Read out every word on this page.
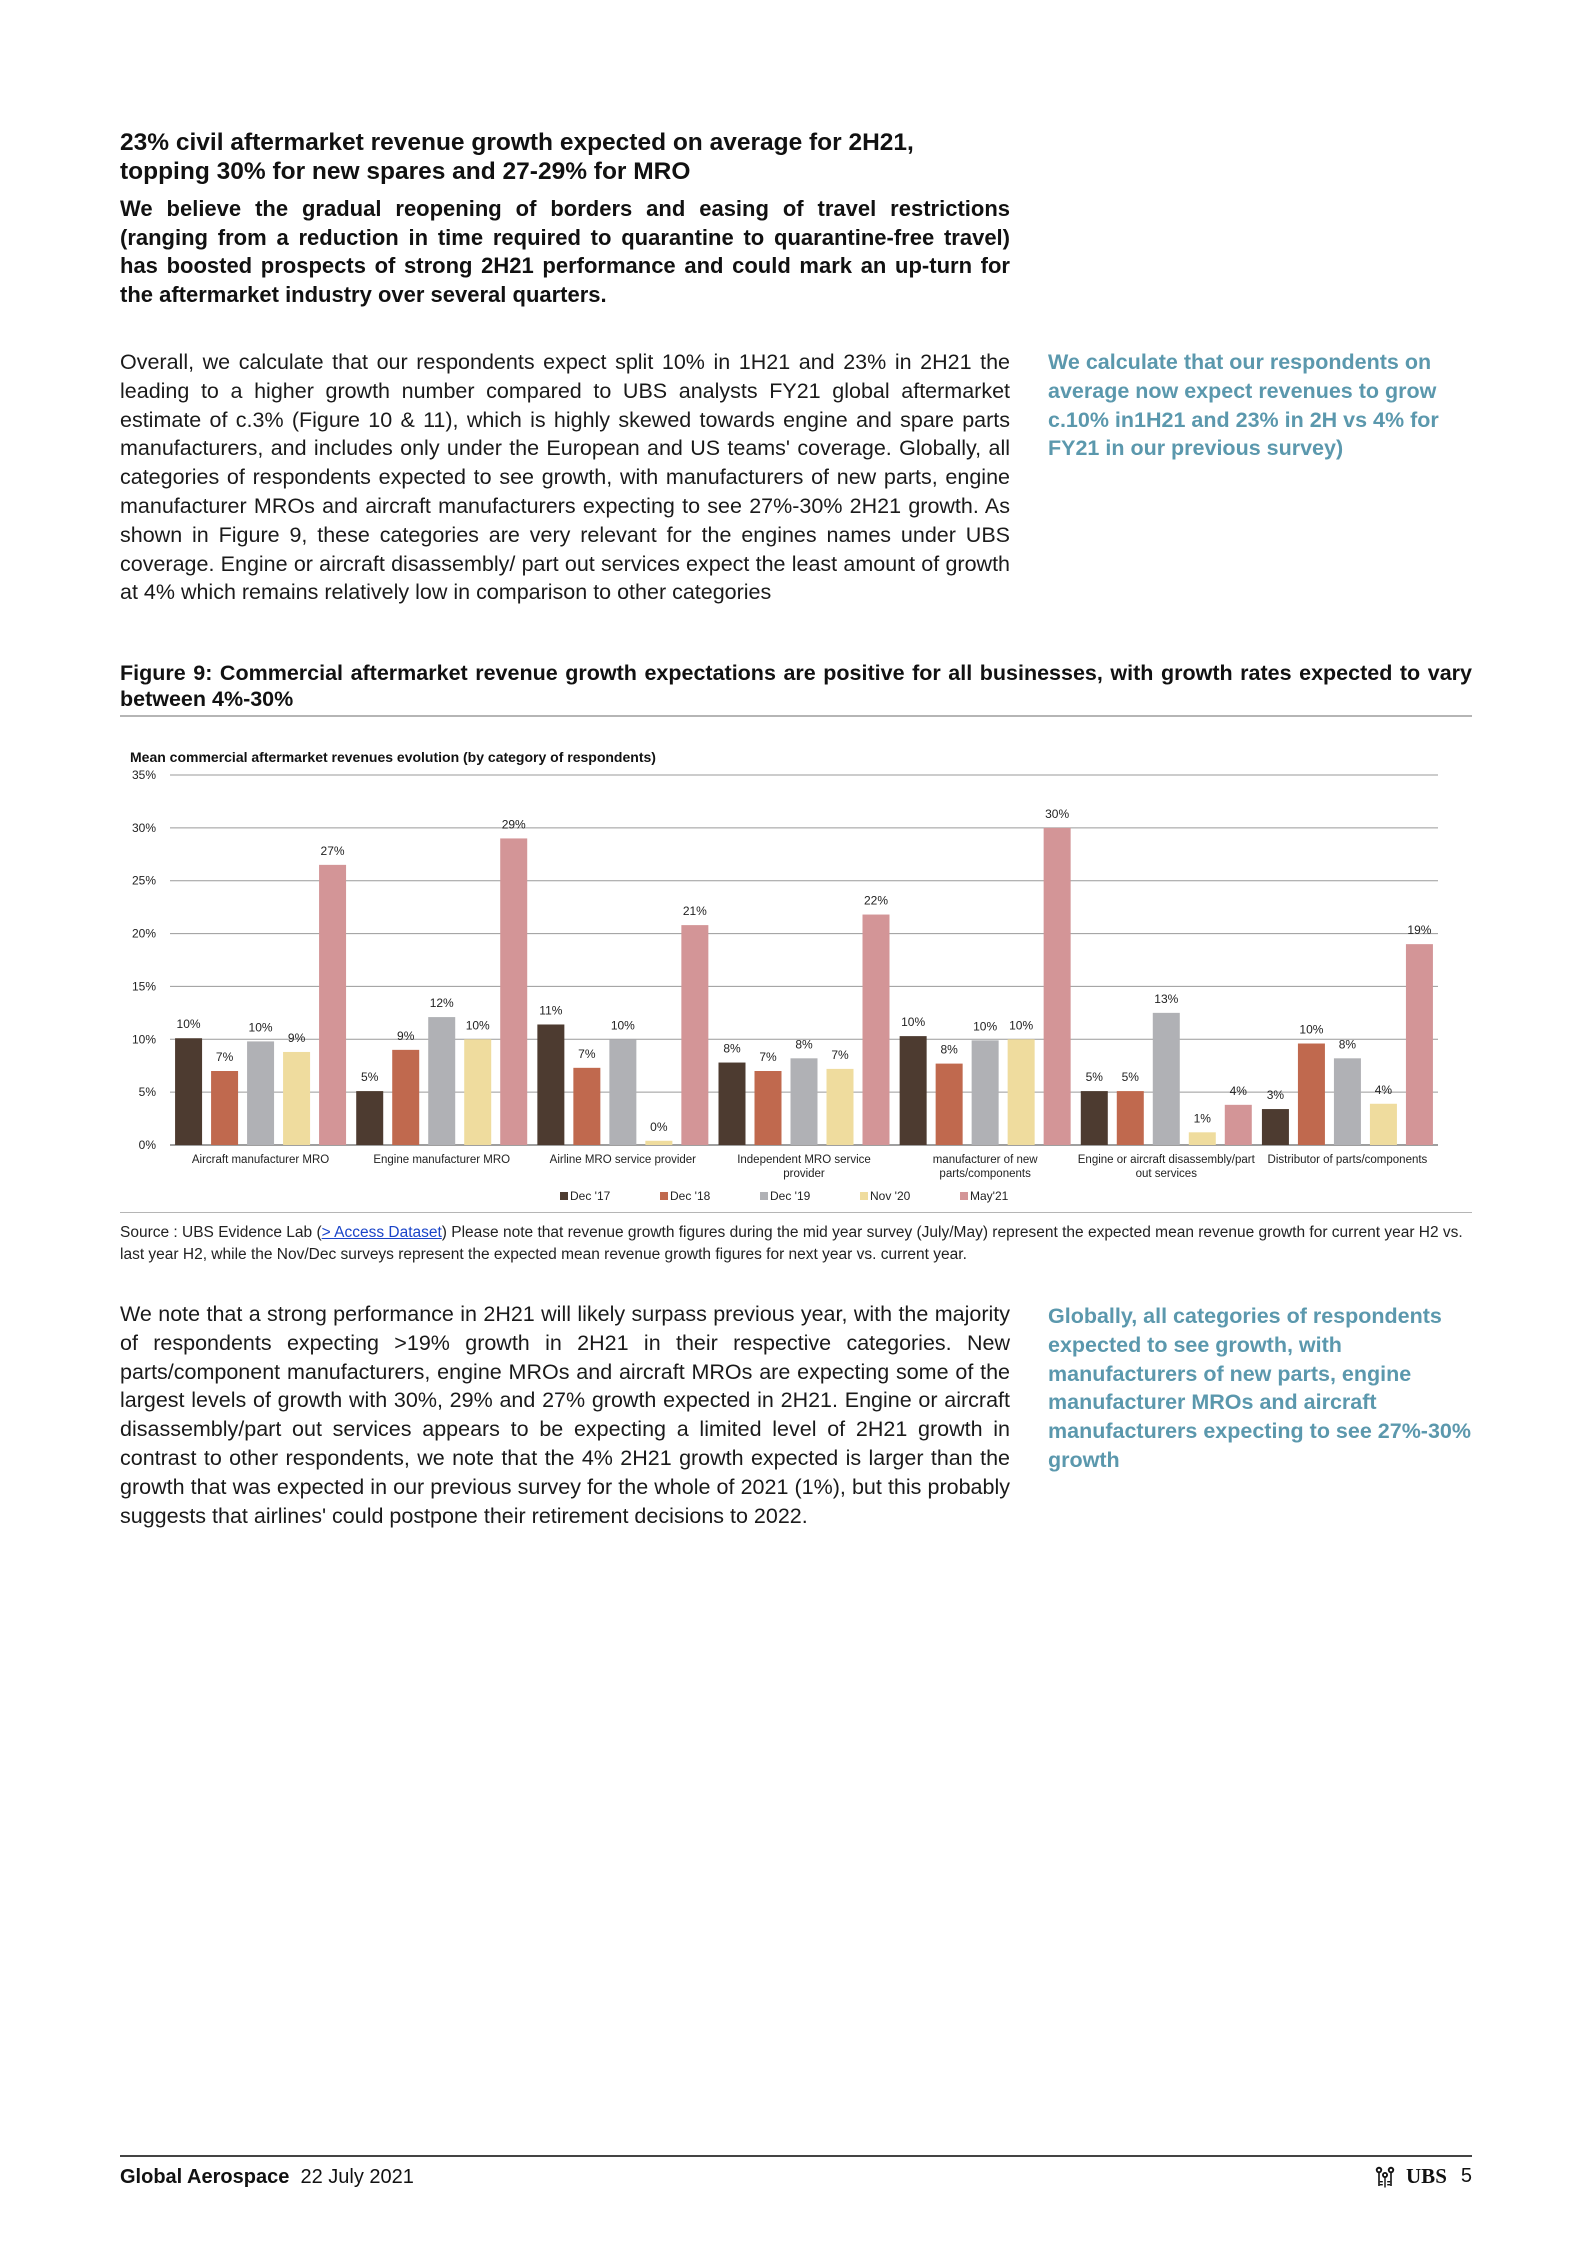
23% civil aftermarket revenue growth expected on average for 2H21,
topping 30% for new spares and 27-29% for MRO
We believe the gradual reopening of borders and easing of travel restrictions (ranging from a reduction in time required to quarantine to quarantine-free travel) has boosted prospects of strong 2H21 performance and could mark an up-turn for the aftermarket industry over several quarters.
Overall, we calculate that our respondents expect split 10% in 1H21 and 23% in 2H21 the leading to a higher growth number compared to UBS analysts FY21 global aftermarket estimate of c.3% (Figure 10 & 11), which is highly skewed towards engine and spare parts manufacturers, and includes only under the European and US teams' coverage. Globally, all categories of respondents expected to see growth, with manufacturers of new parts, engine manufacturer MROs and aircraft manufacturers expecting to see 27%-30% 2H21 growth. As shown in Figure 9, these categories are very relevant for the engines names under UBS coverage. Engine or aircraft disassembly/ part out services expect the least amount of growth at 4% which remains relatively low in comparison to other categories
We calculate that our respondents on average now expect revenues to grow c.10% in1H21 and 23% in 2H vs 4% for FY21 in our previous survey)
Figure 9: Commercial aftermarket revenue growth expectations are positive for all businesses, with growth rates expected to vary between 4%-30%
Mean commercial aftermarket revenues evolution (by category of respondents)
0%
5%
10%
15%
20%
25%
30%
35%
10%
7%
10%
9%
27%
5%
9%
12%
10%
29%
11%
7%
10%
0%
21%
8%
7%
8%
7%
22%
10%
8%
10% 10%
30%
5% 5%
13%
1%
4% 3%
10%
8%
4%
19%
Aircraft manufacturer MRO	Engine manufacturer MRO	Airline MRO service provider	Independent MRO service
provider
manufacturer of new
parts/components
Engine or aircraft disassembly/part
out services
Distributor of parts/components
Dec '17	Dec '18	Dec '19	Nov '20	May'21
Source : UBS Evidence Lab (> Access Dataset) Please note that revenue growth figures during the mid year survey (July/May) represent the expected mean revenue growth for current year H2 vs. last year H2, while the Nov/Dec surveys represent the expected mean revenue growth figures for next year vs. current year.
We note that a strong performance in 2H21 will likely surpass previous year, with the majority of respondents expecting >19% growth in 2H21 in their respective categories. New parts/component manufacturers, engine MROs and aircraft MROs are expecting some of the largest levels of growth with 30%, 29% and 27% growth expected in 2H21. Engine or aircraft disassembly/part out services appears to be expecting a limited level of 2H21 growth in contrast to other respondents, we note that the 4% 2H21 growth expected is larger than the growth that was expected in our previous survey for the whole of 2021 (1%), but this probably suggests that airlines' could postpone their retirement decisions to 2022.
Globally, all categories of respondents expected to see growth, with manufacturers of new parts, engine manufacturer MROs and aircraft manufacturers expecting to see 27%-30% growth
Global Aerospace 22 July 2021	UBS 5
